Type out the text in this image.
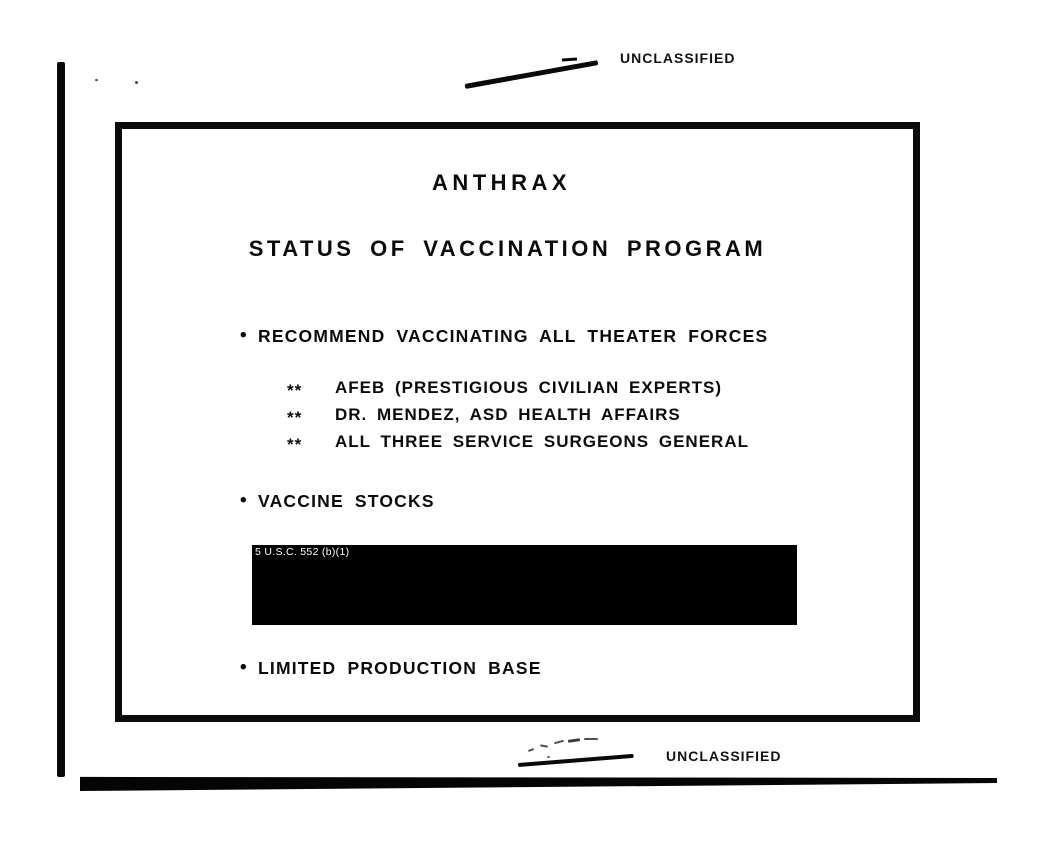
UNCLASSIFIED
ANTHRAX
STATUS OF VACCINATION PROGRAM
• RECOMMEND VACCINATING ALL THEATER FORCES
**	AFEB (PRESTIGIOUS CIVILIAN EXPERTS)
**	DR. MENDEZ, ASD HEALTH AFFAIRS
**	ALL THREE SERVICE SURGEONS GENERAL
• VACCINE STOCKS
5 U.S.C. 552 (b)(1)
• LIMITED PRODUCTION BASE
UNCLASSIFIED
